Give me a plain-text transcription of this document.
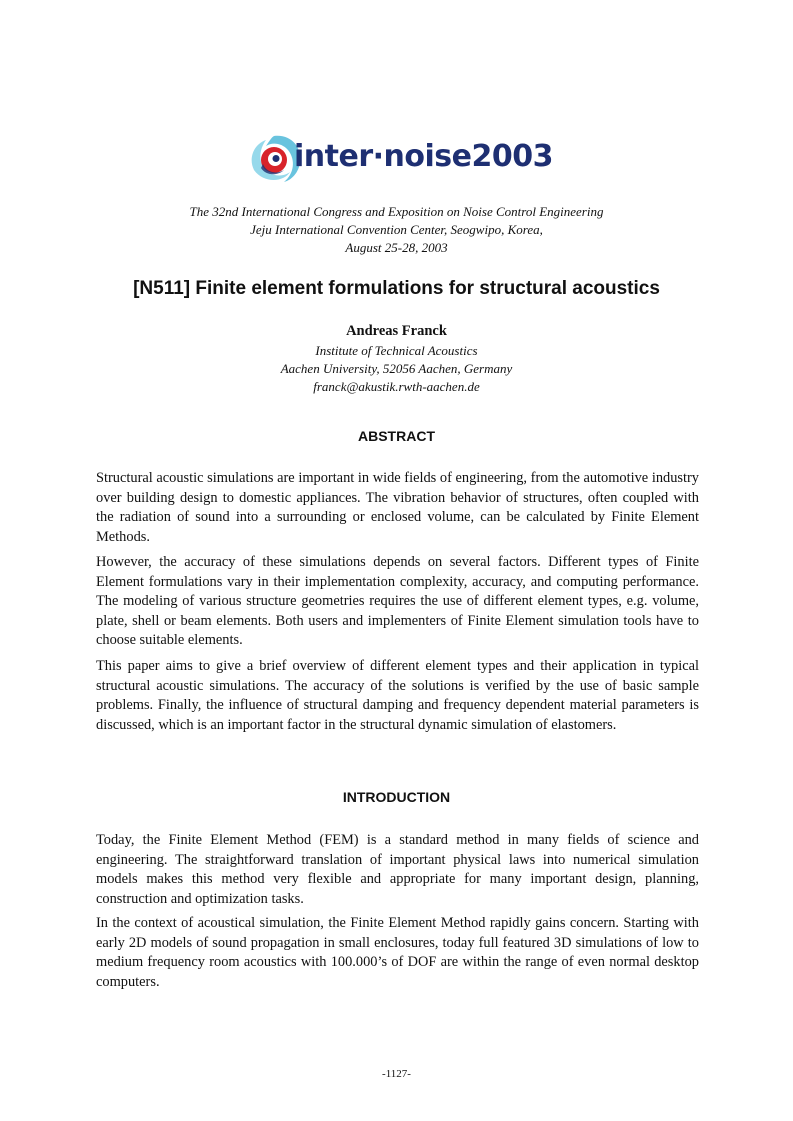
inter·noise2003
The 32nd International Congress and Exposition on Noise Control Engineering
Jeju International Convention Center, Seogwipo, Korea,
August 25-28, 2003
[N511] Finite element formulations for structural acoustics
Andreas Franck
Institute of Technical Acoustics
Aachen University, 52056 Aachen, Germany
franck@akustik.rwth-aachen.de
ABSTRACT

Structural acoustic simulations are important in wide fields of engineering, from the automotive industry over building design to domestic appliances. The vibration behavior of structures, often coupled with the radiation of sound into a surrounding or enclosed volume, can be calculated by Finite Element Methods.

However, the accuracy of these simulations depends on several factors. Different types of Finite Element formulations vary in their implementation complexity, accuracy, and computing performance. The modeling of various structure geometries requires the use of different element types, e.g. volume, plate, shell or beam elements. Both users and implementers of Finite Element simulation tools have to choose suitable elements.

This paper aims to give a brief overview of different element types and their application in typical structural acoustic simulations. The accuracy of the solutions is verified by the use of basic sample problems. Finally, the influence of structural damping and frequency dependent material parameters is discussed, which is an important factor in the structural dynamic simulation of elastomers.

INTRODUCTION

Today, the Finite Element Method (FEM) is a standard method in many fields of science and engineering. The straightforward translation of important physical laws into numerical simulation models makes this method very flexible and appropriate for many important design, planning, construction and optimization tasks.

In the context of acoustical simulation, the Finite Element Method rapidly gains concern. Starting with early 2D models of sound propagation in small enclosures, today full featured 3D simulations of low to medium frequency room acoustics with 100.000’s of DOF are within the range of even normal desktop computers.

-1127-
